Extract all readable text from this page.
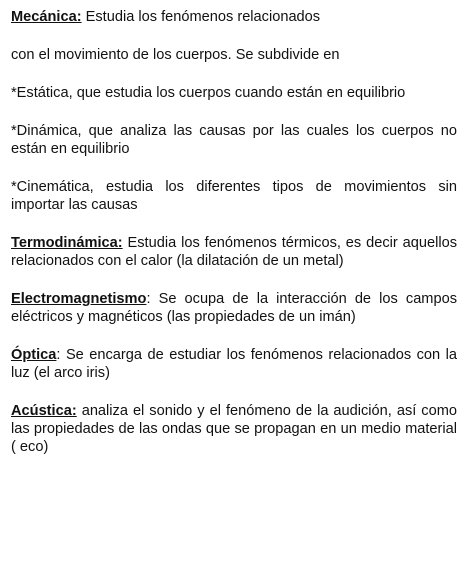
Mecánica: Estudia los fenómenos relacionados

con el movimiento de los cuerpos. Se subdivide en

*Estática, que estudia los cuerpos cuando están en equilibrio

*Dinámica, que analiza las causas por las cuales los cuerpos no están en equilibrio

*Cinemática, estudia los diferentes tipos de movimientos sin importar las causas

Termodinámica: Estudia los fenómenos térmicos, es decir aquellos relacionados con el calor (la dilatación de un metal)

Electromagnetismo: Se ocupa de la interacción de los campos eléctricos y magnéticos (las propiedades de un imán)

Óptica: Se encarga de estudiar los fenómenos relacionados con la luz (el arco iris)

Acústica: analiza el sonido y el fenómeno de la audición, así como las propiedades de las ondas que se propagan en un medio material ( eco)
